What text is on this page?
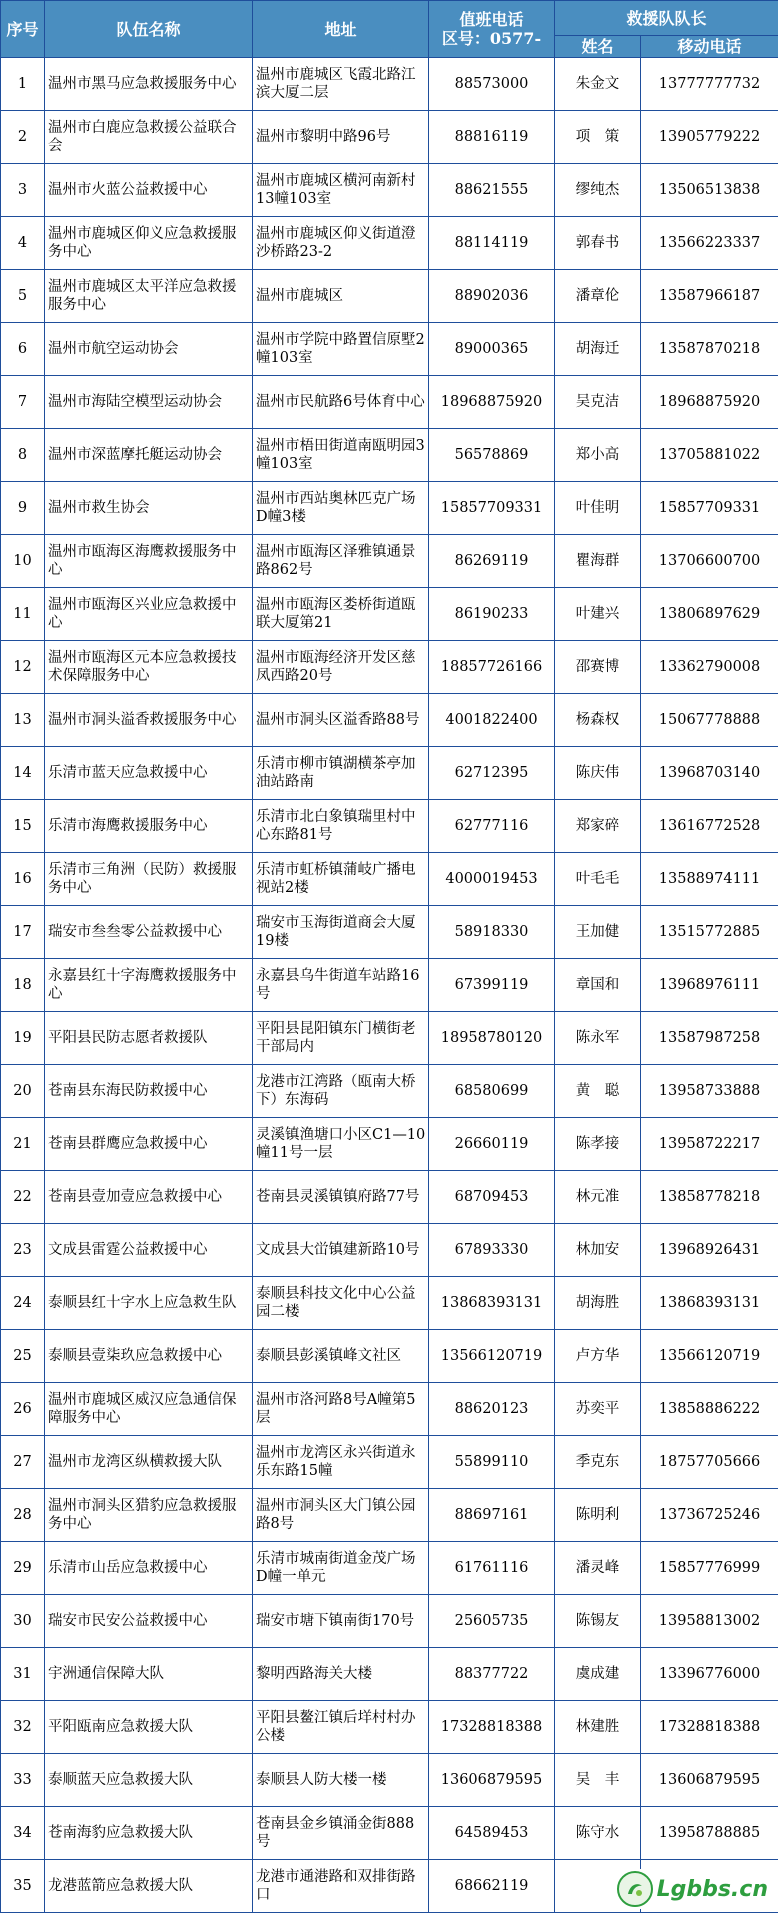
序号	队伍名称	地址	值班电话
区号：0577-	救援队队长	
				姓名	移动电话
1	温州市黑马应急救援服务中心	温州市鹿城区飞霞北路江滨大厦二层	88573000	朱金文	13777777732
2	温州市白鹿应急救援公益联合会	温州市黎明中路96号	88816119	项　策	13905779222
3	温州市火蓝公益救援中心	温州市鹿城区横河南新村13幢103室	88621555	缪纯杰	13506513838
4	温州市鹿城区仰义应急救援服务中心	温州市鹿城区仰义街道澄沙桥路23-2	88114119	郭春书	13566223337
5	温州市鹿城区太平洋应急救援服务中心	温州市鹿城区	88902036	潘章伦	13587966187
6	温州市航空运动协会	温州市学院中路置信原墅2幢103室	89000365	胡海迁	13587870218
7	温州市海陆空模型运动协会	温州市民航路6号体育中心	18968875920	吴克洁	18968875920
8	温州市深蓝摩托艇运动协会	温州市梧田街道南瓯明园3幢103室	56578869	郑小高	13705881022
9	温州市救生协会	温州市西站奥林匹克广场D幢3楼	15857709331	叶佳明	15857709331
10	温州市瓯海区海鹰救援服务中心	温州市瓯海区泽雅镇通景路862号	86269119	瞿海群	13706600700
11	温州市瓯海区兴业应急救援中心	温州市瓯海区娄桥街道瓯联大厦第21	86190233	叶建兴	13806897629
12	温州市瓯海区元本应急救援技术保障服务中心	温州市瓯海经济开发区慈凤西路20号	18857726166	邵赛博	13362790008
13	温州市洞头溢香救援服务中心	温州市洞头区溢香路88号	4001822400	杨森权	15067778888
14	乐清市蓝天应急救援中心	乐清市柳市镇湖横茶亭加油站路南	62712395	陈庆伟	13968703140
15	乐清市海鹰救援服务中心	乐清市北白象镇瑞里村中心东路81号	62777116	郑家碎	13616772528
16	乐清市三角洲（民防）救援服务中心	乐清市虹桥镇蒲岐广播电视站2楼	4000019453	叶毛毛	13588974111
17	瑞安市叁叁零公益救援中心	瑞安市玉海街道商会大厦19楼	58918330	王加健	13515772885
18	永嘉县红十字海鹰救援服务中心	永嘉县乌牛街道车站路16号	67399119	章国和	13968976111
19	平阳县民防志愿者救援队	平阳县昆阳镇东门横街老干部局内	18958780120	陈永军	13587987258
20	苍南县东海民防救援中心	龙港市江湾路（瓯南大桥下）东海码	68580699	黄　聪	13958733888
21	苍南县群鹰应急救援中心	灵溪镇渔塘口小区C1—10幢11号一层	26660119	陈孝接	13958722217
22	苍南县壹加壹应急救援中心	苍南县灵溪镇镇府路77号	68709453	林元准	13858778218
23	文成县雷霆公益救援中心	文成县大峃镇建新路10号	67893330	林加安	13968926431
24	泰顺县红十字水上应急救生队	泰顺县科技文化中心公益园二楼	13868393131	胡海胜	13868393131
25	泰顺县壹柒玖应急救援中心	泰顺县彭溪镇峰文社区	13566120719	卢方华	13566120719
26	温州市鹿城区威汉应急通信保障服务中心	温州市洛河路8号A幢第5层	88620123	苏奕平	13858886222
27	温州市龙湾区纵横救援大队	温州市龙湾区永兴街道永乐东路15幢	55899110	季克东	18757705666
28	温州市洞头区猎豹应急救援服务中心	温州市洞头区大门镇公园路8号	88697161	陈明利	13736725246
29	乐清市山岳应急救援中心	乐清市城南街道金茂广场D幢一单元	61761116	潘灵峰	15857776999
30	瑞安市民安公益救援中心	瑞安市塘下镇南街170号	25605735	陈锡友	13958813002
31	宇洲通信保障大队	黎明西路海关大楼	88377722	虞成建	13396776000
32	平阳瓯南应急救援大队	平阳县鳌江镇后垟村村办公楼	17328818388	林建胜	17328818388
33	泰顺蓝天应急救援大队	泰顺县人防大楼一楼	13606879595	吴　丰	13606879595
34	苍南海豹应急救援大队	苍南县金乡镇涌金街888号	64589453	陈守水	13958788885
35	龙港蓝箭应急救援大队	龙港市通港路和双排街路口	68662119			Lgbbs.cn
